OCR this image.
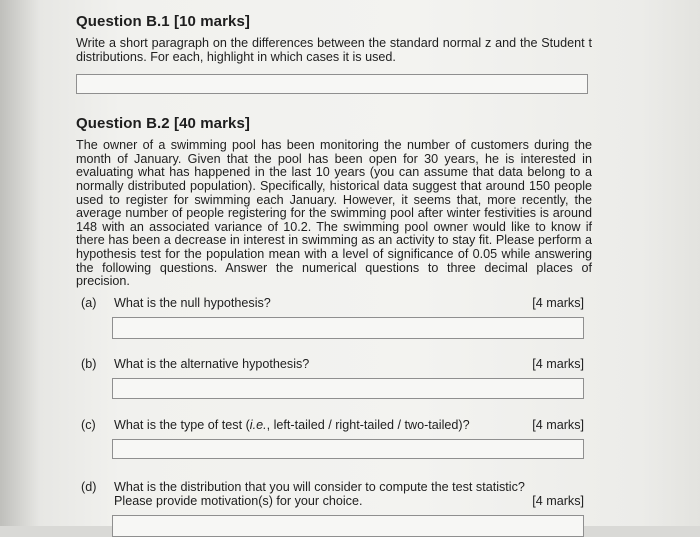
Question B.1 [10 marks]

Write a short paragraph on the differences between the standard normal z and the Student t distributions. For each, highlight in which cases it is used.

Question B.2 [40 marks]

The owner of a swimming pool has been monitoring the number of customers during the month of January. Given that the pool has been open for 30 years, he is interested in evaluating what has happened in the last 10 years (you can assume that data belong to a normally distributed population). Specifically, historical data suggest that around 150 people used to register for swimming each January. However, it seems that, more recently, the average number of people registering for the swimming pool after winter festivities is around 148 with an associated variance of 10.2. The swimming pool owner would like to know if there has been a decrease in interest in swimming as an activity to stay fit. Please perform a hypothesis test for the population mean with a level of significance of 0.05 while answering the following questions. Answer the numerical questions to three decimal places of precision.

(a) What is the null hypothesis?	[4 marks]
(b) What is the alternative hypothesis?	[4 marks]
(c) What is the type of test (i.e., left-tailed / right-tailed / two-tailed)?	[4 marks]
(d) What is the distribution that you will consider to compute the test statistic? Please provide motivation(s) for your choice.	[4 marks]
